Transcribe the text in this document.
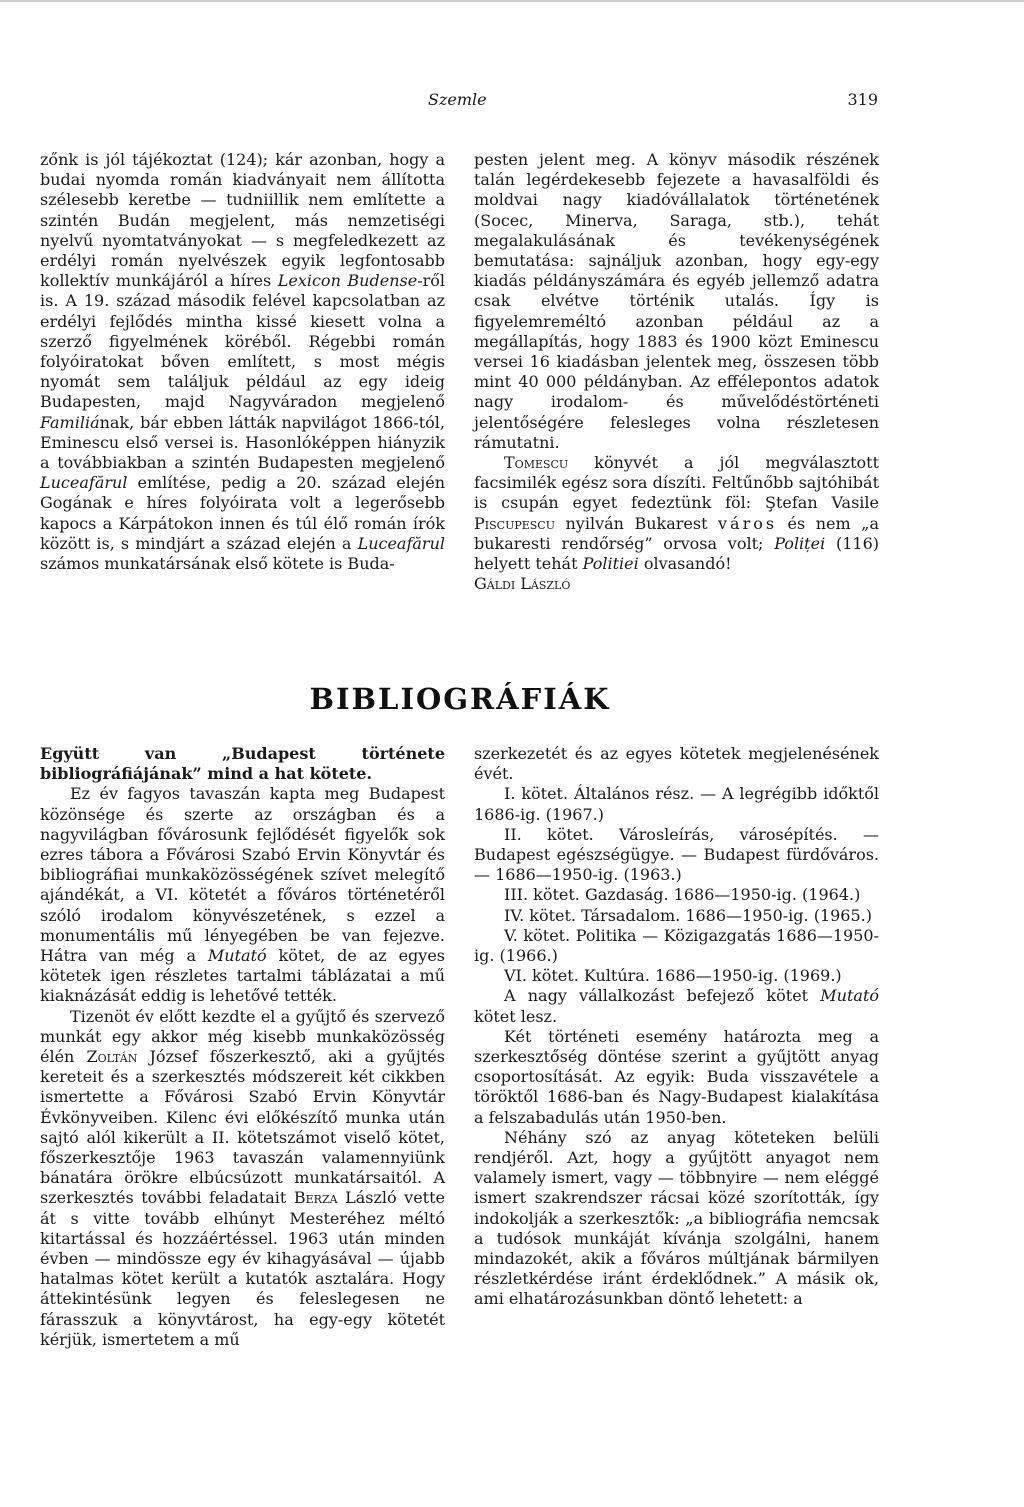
Szemle	319

zőnk is jól tájékoztat (124); kár azonban, hogy a budai nyomda román kiadványait nem állította szélesebb keretbe — tudniillik nem említette a szintén Budán megjelent, más nemzetiségi nyelvű nyomtatványokat — s megfeledkezett az erdélyi román nyelvészek egyik legfontosabb kollektív munkájáról a híres Lexicon Budense-ről is. A 19. század második felével kapcsolatban az erdélyi fejlődés mintha kissé kiesett volna a szerző figyelmének köréből. Régebbi román folyóiratokat bőven említett, s most mégis nyomát sem találjuk például az egy ideig Budapesten, majd Nagyváradon megjelenő Familiának, bár ebben látták napvilágot 1866-tól, Eminescu első versei is. Hasonlóképpen hiányzik a továbbiakban a szintén Budapesten megjelenő Luceafărul említése, pedig a 20. század elején Gogának e híres folyóirata volt a legerősebb kapocs a Kárpátokon innen és túl élő román írók között is, s mindjárt a század elején a Luceafărul számos munkatársának első kötete is Buda-

pesten jelent meg. A könyv második részének talán legérdekesebb fejezete a havasalföldi és moldvai nagy kiadóvállalatok történetének (Socec, Minerva, Saraga, stb.), tehát megalakulásának és tevékenységének bemutatása: sajnáljuk azonban, hogy egy-egy kiadás példányszámára és egyéb jellemző adatra csak elvétve történik utalás. Így is figyelemreméltó azonban például az a megállapítás, hogy 1883 és 1900 közt Eminescu versei 16 kiadásban jelentek meg, összesen több mint 40 000 példányban. Az effélepontos adatok nagy irodalom- és művelődéstörténeti jelentőségére felesleges volna részletesen rámutatni.

Tomescu könyvét a jól megválasztott facsimilék egész sora díszíti. Feltűnőbb sajtóhibát is csupán egyet fedeztünk föl: Ştefan Vasile Piscupescu nyilván Bukarest város és nem „a bukaresti rendőrség” orvosa volt; Poliței (116) helyett tehát Politiei olvasandó!

Gáldi László

BIBLIOGRÁFIÁK

Együtt van „Budapest története bibliográfiájának” mind a hat kötete.

Ez év fagyos tavaszán kapta meg Budapest közönsége és szerte az országban és a nagyvilágban fővárosunk fejlődését figyelők sok ezres tábora a Fővárosi Szabó Ervin Könyvtár és bibliográfiai munkaközösségének szívet melegítő ajándékát, a VI. kötetét a főváros történetéről szóló irodalom könyvészetének, s ezzel a monumentális mű lényegében be van fejezve. Hátra van még a Mutató kötet, de az egyes kötetek igen részletes tartalmi táblázatai a mű kiaknázását eddig is lehetővé tették.

Tizenöt év előtt kezdte el a gyűjtő és szervező munkát egy akkor még kisebb munkaközösség élén Zoltán József főszerkesztő, aki a gyűjtés kereteit és a szerkesztés módszereit két cikkben ismertette a Fővárosi Szabó Ervin Könyvtár Évkönyveiben. Kilenc évi előkészítő munka után sajtó alól kikerült a II. kötetszámot viselő kötet, főszerkesztője 1963 tavaszán valamennyiünk bánatára örökre elbúcsúzott munkatársaitól. A szerkesztés további feladatait Berza László vette át s vitte tovább elhúnyt Mesteréhez méltó kitartással és hozzáértéssel. 1963 után minden évben — mindössze egy év kihagyásával — újabb hatalmas kötet került a kutatók asztalára. Hogy áttekintésünk legyen és feleslegesen ne fárasszuk a könyvtárost, ha egy-egy kötetét kérjük, ismertetem a mű

szerkezetét és az egyes kötetek megjelenésének évét.

I. kötet. Általános rész. — A legrégibb időktől 1686-ig. (1967.)

II. kötet. Városleírás, városépítés. — Budapest egészségügye. — Budapest fürdőváros. — 1686—1950-ig. (1963.)

III. kötet. Gazdaság. 1686—1950-ig. (1964.)

IV. kötet. Társadalom. 1686—1950-ig. (1965.)

V. kötet. Politika — Közigazgatás 1686—1950-ig. (1966.)

VI. kötet. Kultúra. 1686—1950-ig. (1969.)

A nagy vállalkozást befejező kötet Mutató kötet lesz.

Két történeti esemény határozta meg a szerkesztőség döntése szerint a gyűjtött anyag csoportosítását. Az egyik: Buda visszavétele a töröktől 1686-ban és Nagy-Budapest kialakítása a felszabadulás után 1950-ben.

Néhány szó az anyag köteteken belüli rendjéről. Azt, hogy a gyűjtött anyagot nem valamely ismert, vagy — többnyire — nem eléggé ismert szakrendszer rácsai közé szorították, így indokolják a szerkesztők: „a bibliográfia nemcsak a tudósok munkáját kívánja szolgálni, hanem mindazokét, akik a főváros múltjának bármilyen részletkérdése iránt érdeklődnek.” A másik ok, ami elhatározásunkban döntő lehetett: a
